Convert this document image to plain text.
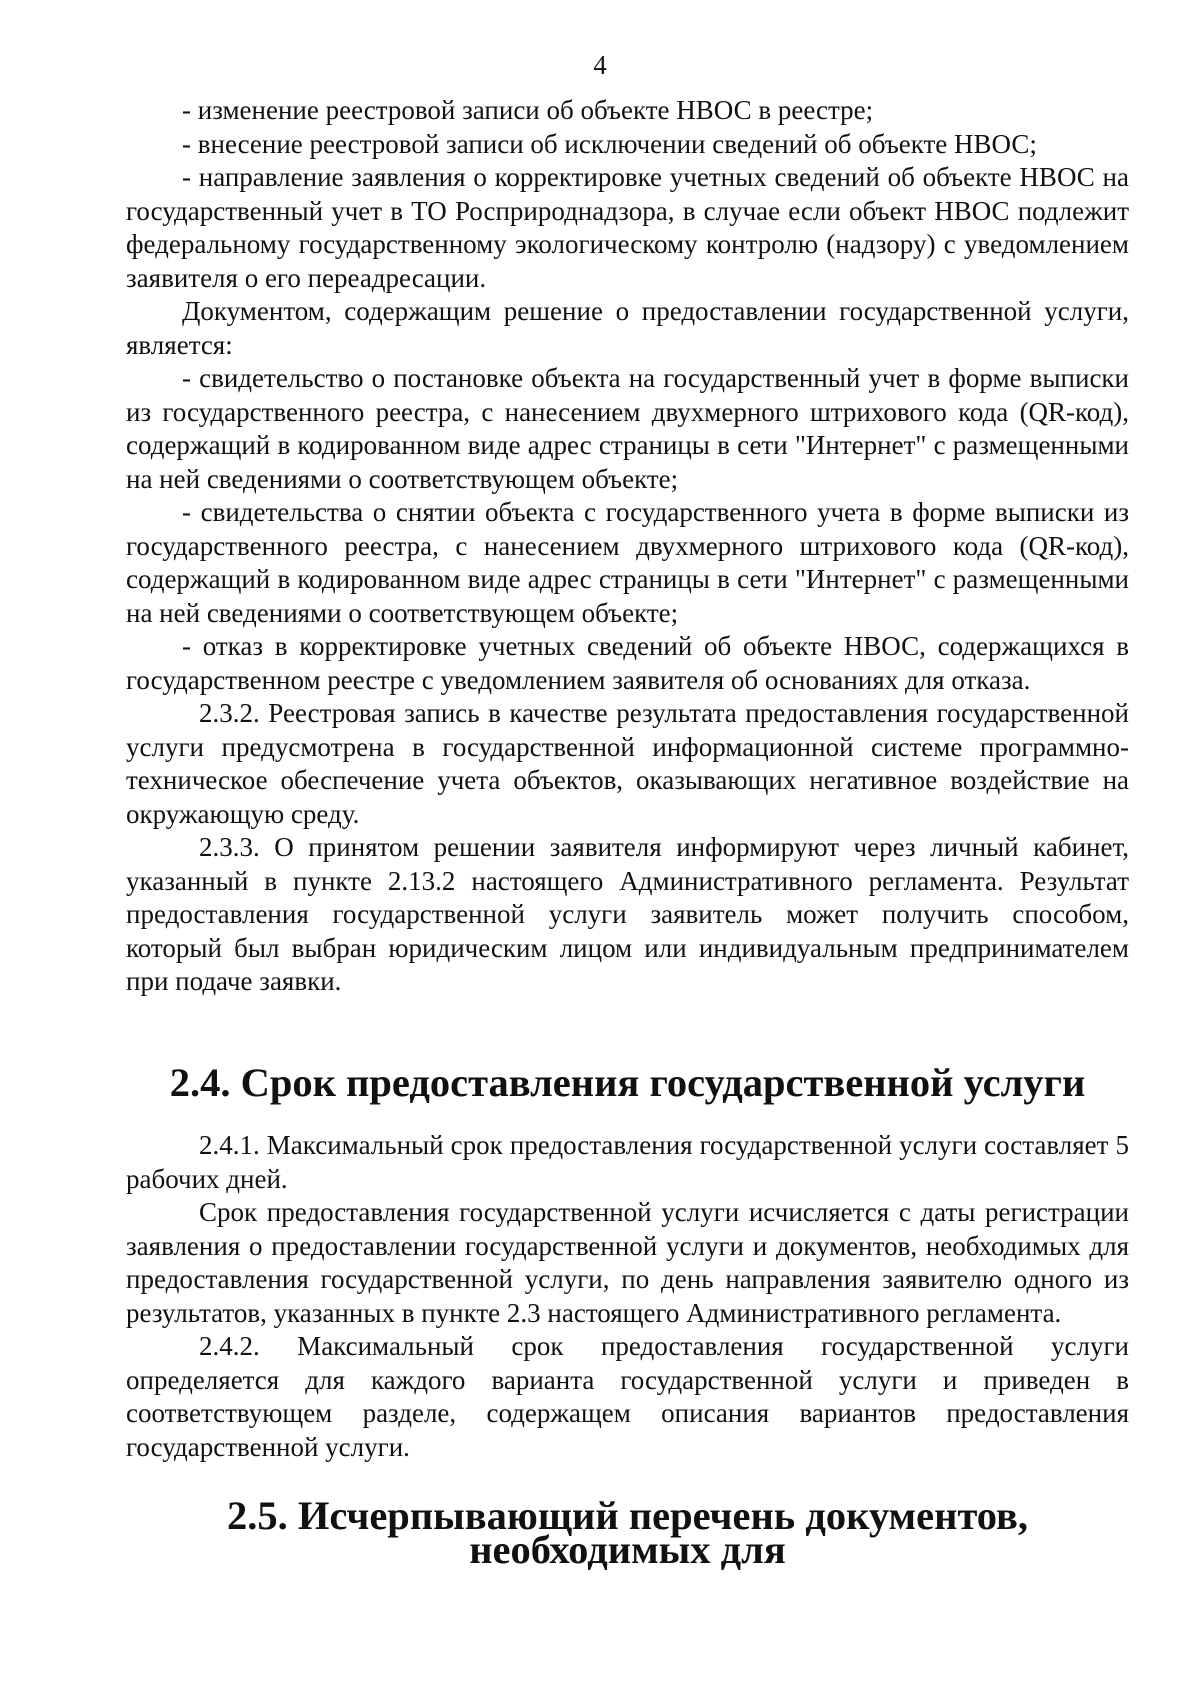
4

- изменение реестровой записи об объекте НВОС в реестре;

- внесение реестровой записи об исключении сведений об объекте НВОС;

- направление заявления о корректировке учетных сведений об объекте НВОС на государственный учет в ТО Росприроднадзора, в случае если объект НВОС подлежит федеральному государственному экологическому контролю (надзору) с уведомлением заявителя о его переадресации.

Документом, содержащим решение о предоставлении государственной услуги, является:

- свидетельство о постановке объекта на государственный учет в форме выписки из государственного реестра, с нанесением двухмерного штрихового кода (QR-код), содержащий в кодированном виде адрес страницы в сети "Интернет" с размещенными на ней сведениями о соответствующем объекте;

- свидетельства о снятии объекта с государственного учета в форме выписки из государственного реестра, с нанесением двухмерного штрихового кода (QR-код), содержащий в кодированном виде адрес страницы в сети "Интернет" с размещенными на ней сведениями о соответствующем объекте;

- отказ в корректировке учетных сведений об объекте НВОС, содержащихся в государственном реестре с уведомлением заявителя об основаниях для отказа.

2.3.2. Реестровая запись в качестве результата предоставления государственной услуги предусмотрена в государственной информационной системе программно-техническое обеспечение учета объектов, оказывающих негативное воздействие на окружающую среду.

2.3.3. О принятом решении заявителя информируют через личный кабинет, указанный в пункте 2.13.2 настоящего Административного регламента. Результат предоставления государственной услуги заявитель может получить способом, который был выбран юридическим лицом или индивидуальным предпринимателем при подаче заявки.

2.4. Срок предоставления государственной услуги

2.4.1. Максимальный срок предоставления государственной услуги составляет 5 рабочих дней.

Срок предоставления государственной услуги исчисляется с даты регистрации заявления о предоставлении государственной услуги и документов, необходимых для предоставления государственной услуги, по день направления заявителю одного из результатов, указанных в пункте 2.3 настоящего Административного регламента.

2.4.2. Максимальный срок предоставления государственной услуги определяется для каждого варианта государственной услуги и приведен в соответствующем разделе, содержащем описания вариантов предоставления государственной услуги.

2.5. Исчерпывающий перечень документов, необходимых для
